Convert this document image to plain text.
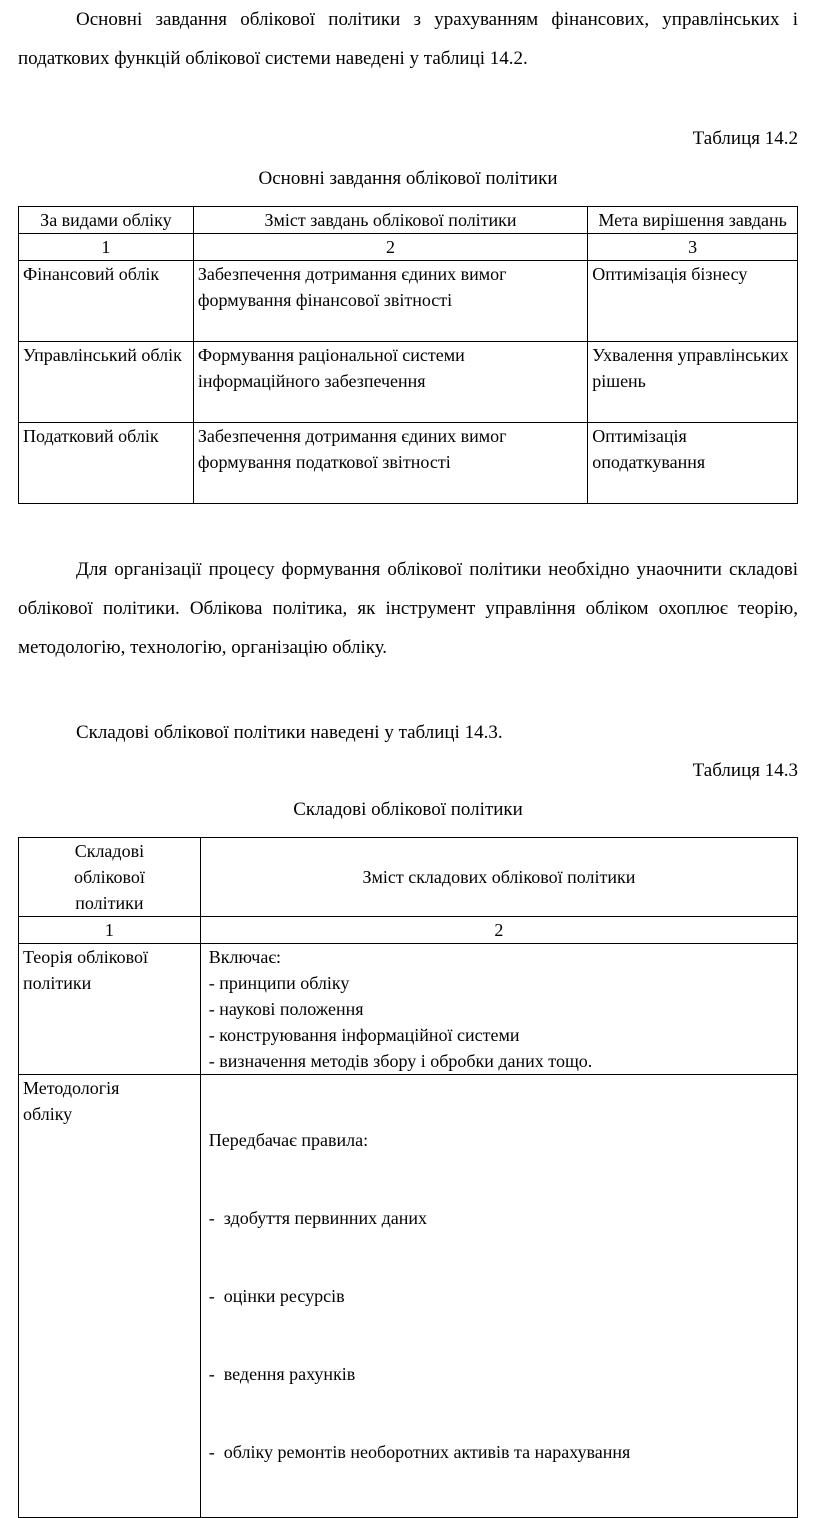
Основні завдання облікової політики з урахуванням фінансових, управлінських і податкових функцій облікової системи наведені у таблиці 14.2.

Таблиця 14.2

Основні завдання облікової політики

За видами обліку	Зміст завдань облікової політики	Мета вирішення завдань
1	2	3
Фінансовий облік	Забезпечення дотримання єдиних вимог формування фінансової звітності	Оптимізація бізнесу
Управлінський облік	Формування раціональної системи інформаційного забезпечення	Ухвалення управлінських рішень
Податковий облік	Забезпечення дотримання єдиних вимог формування податкової звітності	Оптимізація оподаткування

Для організації процесу формування облікової політики необхідно унаочнити складові облікової політики. Облікова політика, як інструмент управління обліком охоплює теорію, методологію, технологію, організацію обліку.

Складові облікової політики наведені у таблиці 14.3.

Таблиця 14.3

Складові облікової політики

Складові облікової політики	Зміст складових облікової політики
1	2
Теорія облікової політики	Включає:
- принципи обліку
- наукові положення
- конструювання інформаційної системи
- визначення методів збору і обробки даних тощо.

Методологія обліку	Передбачає правила:

-  здобуття первинних даних

-  оцінки ресурсів

-  ведення рахунків

-  обліку ремонтів необоротних активів та нарахування
